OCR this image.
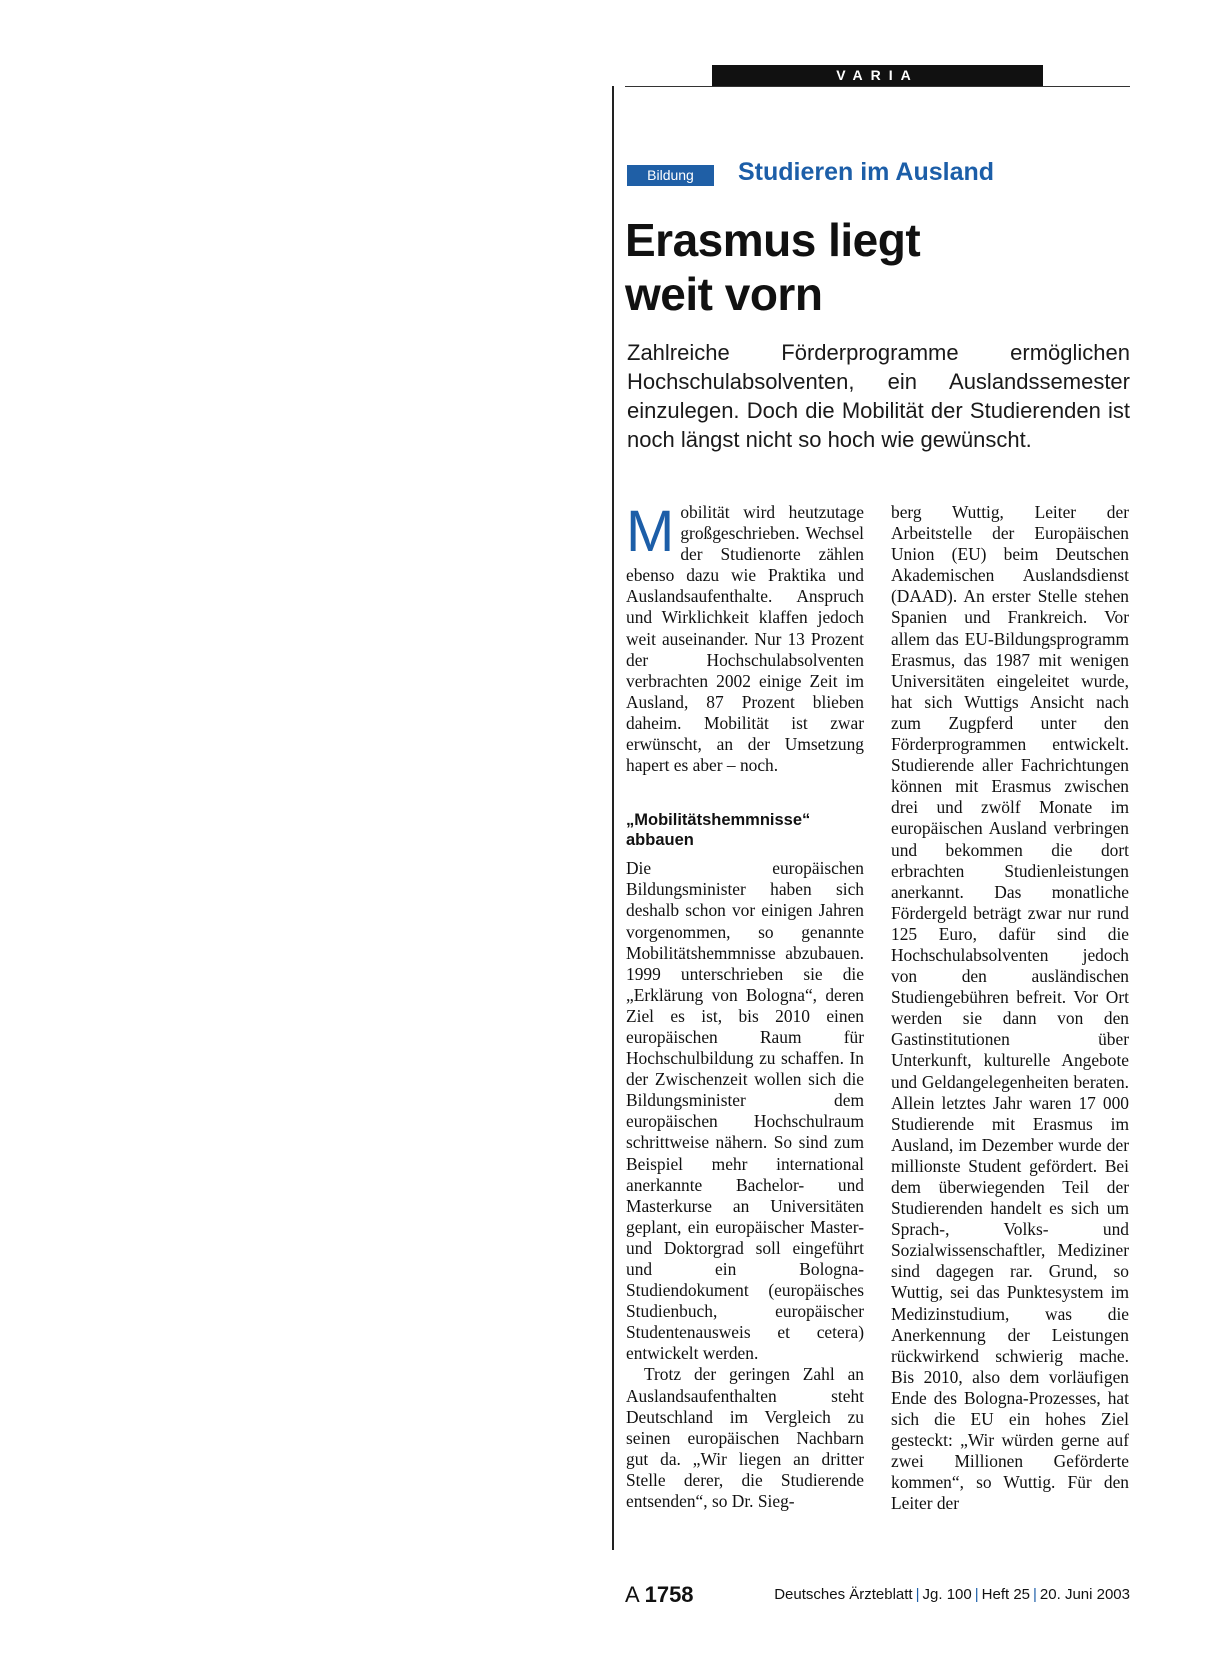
VARIA
Bildung	Studieren im Ausland
Erasmus liegt
weit vorn

Zahlreiche Förderprogramme ermöglichen Hochschulabsolventen, ein Auslandssemester einzulegen. Doch die Mobilität der Studierenden ist noch längst nicht so hoch wie gewünscht.

Mobilität wird heutzutage großgeschrieben. Wechsel der Studienorte zählen ebenso dazu wie Praktika und Auslandsaufenthalte. Anspruch und Wirklichkeit klaffen jedoch weit auseinander. Nur 13 Prozent der Hochschulabsolventen verbrachten 2002 einige Zeit im Ausland, 87 Prozent blieben daheim. Mobilität ist zwar erwünscht, an der Umsetzung hapert es aber – noch.

„Mobilitätshemmnisse“ abbauen

Die europäischen Bildungsminister haben sich deshalb schon vor einigen Jahren vorgenommen, so genannte Mobilitätshemmnisse abzubauen. 1999 unterschrieben sie die „Erklärung von Bologna“, deren Ziel es ist, bis 2010 einen europäischen Raum für Hochschulbildung zu schaffen. In der Zwischenzeit wollen sich die Bildungsminister dem europäischen Hochschulraum schrittweise nähern. So sind zum Beispiel mehr international anerkannte Bachelor- und Masterkurse an Universitäten geplant, ein europäischer Master- und Doktorgrad soll eingeführt und ein Bologna-Studiendokument (europäisches Studienbuch, europäischer Studentenausweis et cetera) entwickelt werden.

Trotz der geringen Zahl an Auslandsaufenthalten steht Deutschland im Vergleich zu seinen europäischen Nachbarn gut da. „Wir liegen an dritter Stelle derer, die Studierende entsenden“, so Dr. Sieg-

berg Wuttig, Leiter der Arbeitstelle der Europäischen Union (EU) beim Deutschen Akademischen Auslandsdienst (DAAD). An erster Stelle stehen Spanien und Frankreich. Vor allem das EU-Bildungsprogramm Erasmus, das 1987 mit wenigen Universitäten eingeleitet wurde, hat sich Wuttigs Ansicht nach zum Zugpferd unter den Förderprogrammen entwickelt. Studierende aller Fachrichtungen können mit Erasmus zwischen drei und zwölf Monate im europäischen Ausland verbringen und bekommen die dort erbrachten Studienleistungen anerkannt. Das monatliche Fördergeld beträgt zwar nur rund 125 Euro, dafür sind die Hochschulabsolventen jedoch von den ausländischen Studiengebühren befreit. Vor Ort werden sie dann von den Gastinstitutionen über Unterkunft, kulturelle Angebote und Geldangelegenheiten beraten. Allein letztes Jahr waren 17 000 Studierende mit Erasmus im Ausland, im Dezember wurde der millionste Student gefördert. Bei dem überwiegenden Teil der Studierenden handelt es sich um Sprach-, Volks- und Sozialwissenschaftler, Mediziner sind dagegen rar. Grund, so Wuttig, sei das Punktesystem im Medizinstudium, was die Anerkennung der Leistungen rückwirkend schwierig mache. Bis 2010, also dem vorläufigen Ende des Bologna-Prozesses, hat sich die EU ein hohes Ziel gesteckt: „Wir würden gerne auf zwei Millionen Geförderte kommen“, so Wuttig. Für den Leiter der

A 1758	Deutsches Ärzteblatt | Jg. 100 | Heft 25 | 20. Juni 2003
